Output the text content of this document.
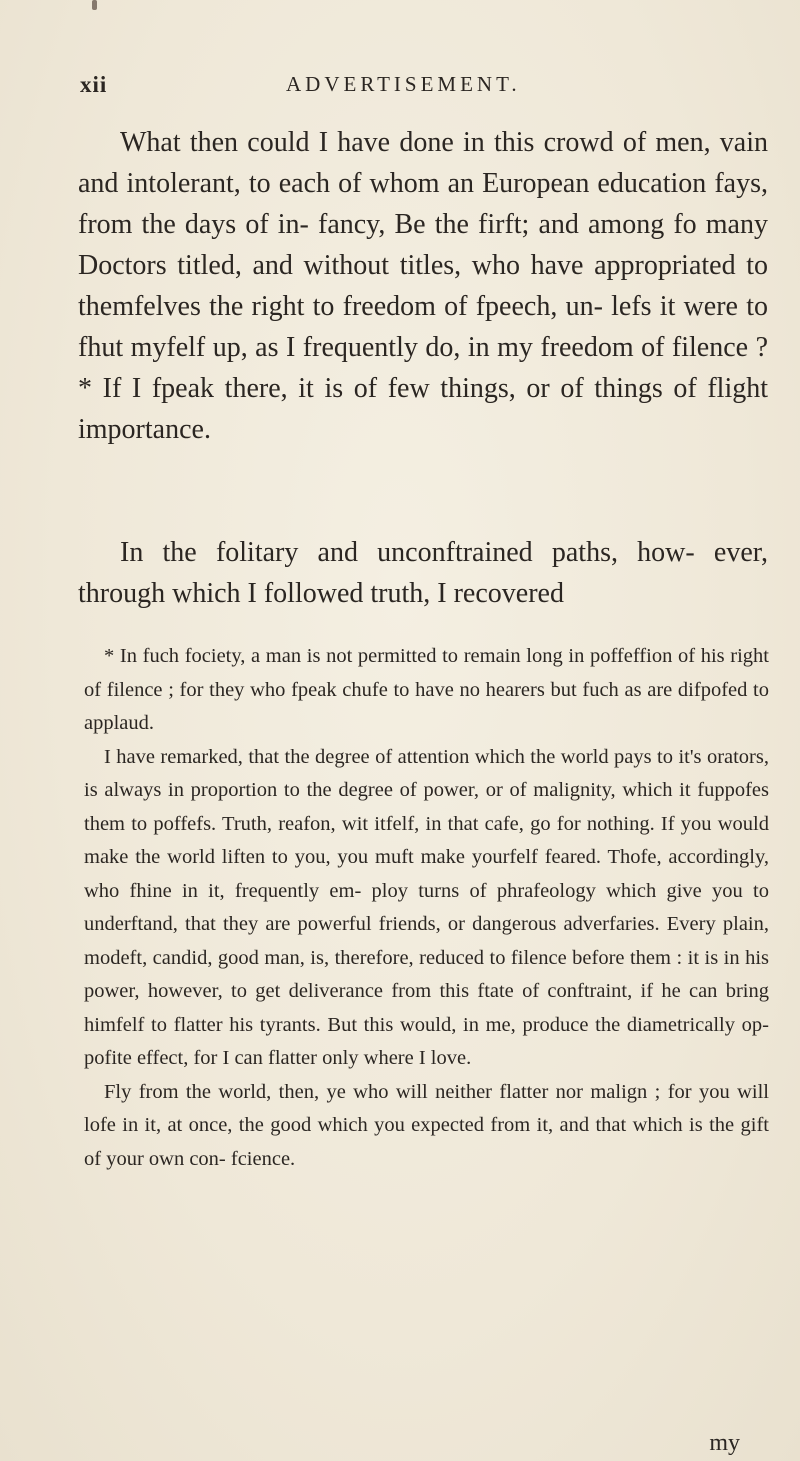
xii	ADVERTISEMENT.

What then could I have done in this crowd of men, vain and intolerant, to each of whom an European education fays, from the days of in- fancy, Be the firft; and among fo many Doctors titled, and without titles, who have appropriated to themfelves the right to freedom of fpeech, un- lefs it were to fhut myfelf up, as I frequently do, in my freedom of filence ? * If I fpeak there, it is of few things, or of things of flight importance.

In the folitary and unconftrained paths, how- ever, through which I followed truth, I recovered

* In fuch fociety, a man is not permitted to remain long in poffeffion of his right of filence ; for they who fpeak chufe to have no hearers but fuch as are difpofed to applaud.

I have remarked, that the degree of attention which the world pays to it's orators, is always in proportion to the degree of power, or of malignity, which it fuppofes them to poffefs. Truth, reafon, wit itfelf, in that cafe, go for nothing. If you would make the world liften to you, you muft make yourfelf feared. Thofe, accordingly, who fhine in it, frequently em- ploy turns of phrafeology which give you to underftand, that they are powerful friends, or dangerous adverfaries. Every plain, modeft, candid, good man, is, therefore, reduced to filence before them : it is in his power, however, to get deliverance from this ftate of conftraint, if he can bring himfelf to flatter his tyrants. But this would, in me, produce the diametrically op- pofite effect, for I can flatter only where I love.

Fly from the world, then, ye who will neither flatter nor malign ; for you will lofe in it, at once, the good which you expected from it, and that which is the gift of your own con- fcience.

my
